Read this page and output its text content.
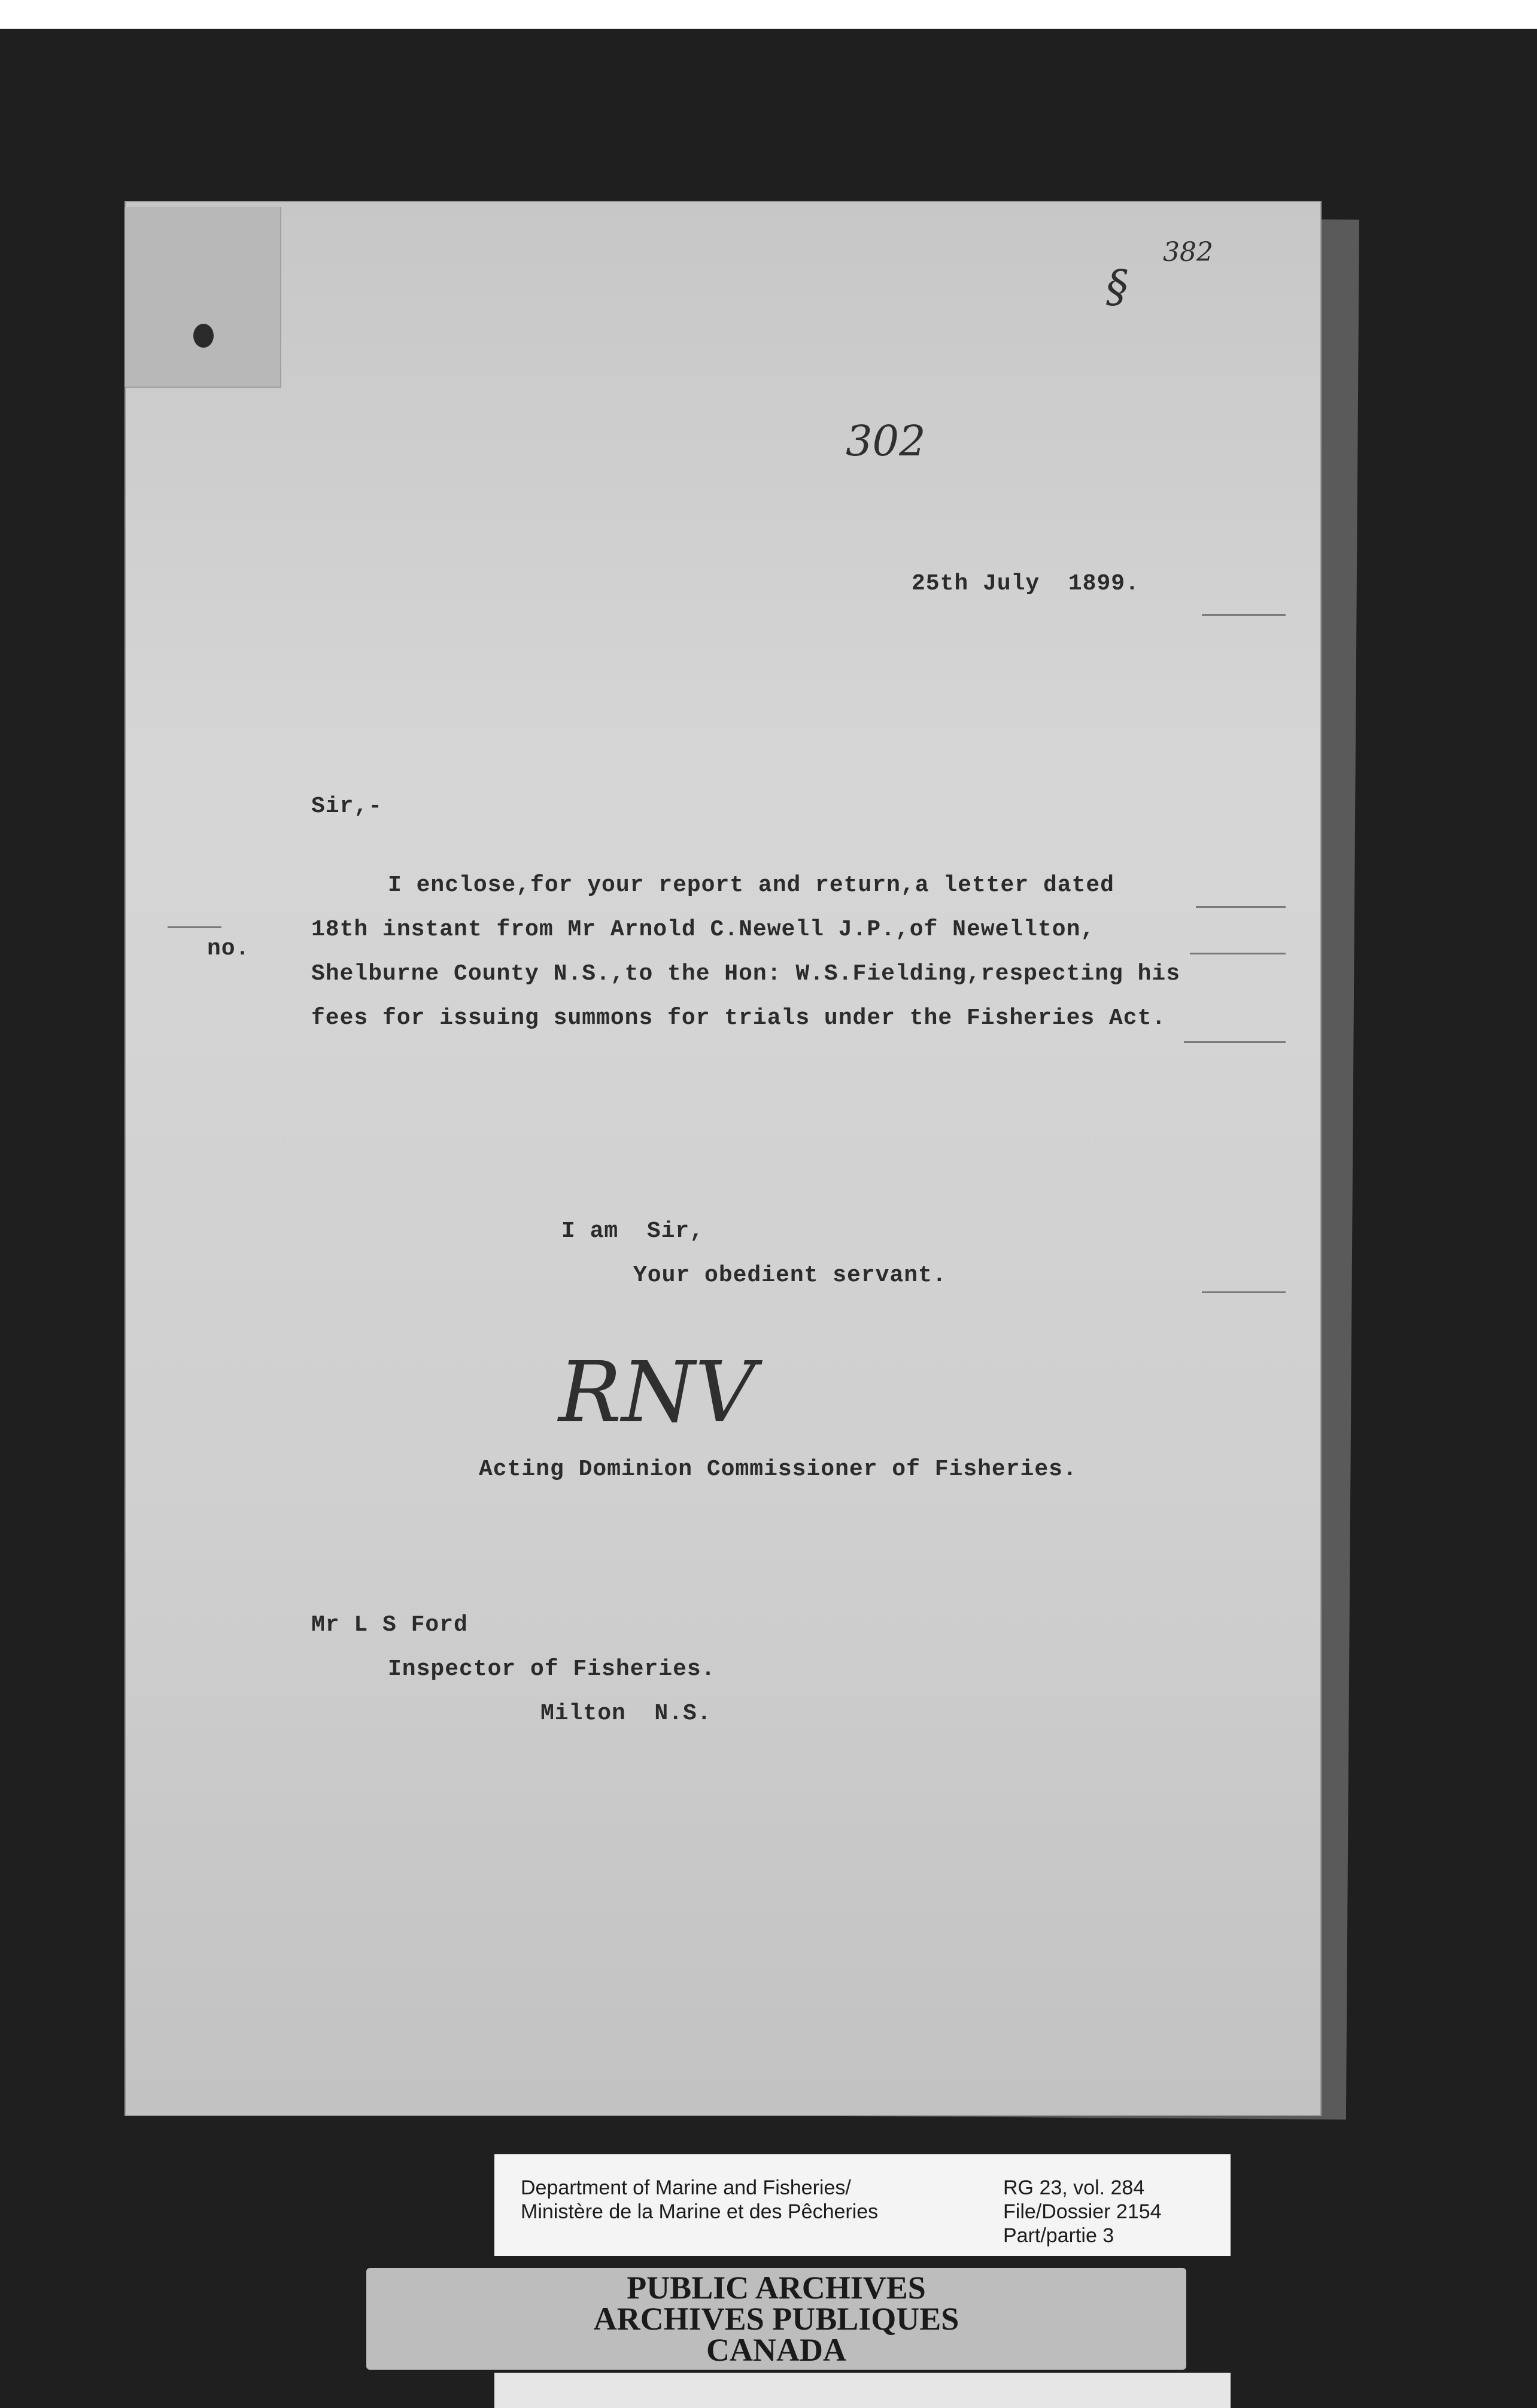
382
§
302
25th July  1899.
Sir,-
no.
I enclose,for your report and return,a letter dated
18th instant from Mr Arnold C.Newell J.P.,of Newellton,
Shelburne County N.S.,to the Hon: W.S.Fielding,respecting his
fees for issuing summons for trials under the Fisheries Act.
I am  Sir,
Your obedient servant.
RNV
Acting Dominion Commissioner of Fisheries.
Mr L S Ford
Inspector of Fisheries.
Milton  N.S.
Department of Marine and Fisheries/
Ministère de la Marine et des Pêcheries
RG 23, vol. 284
File/Dossier 2154
Part/partie 3
PUBLIC ARCHIVES
ARCHIVES PUBLIQUES
CANADA
